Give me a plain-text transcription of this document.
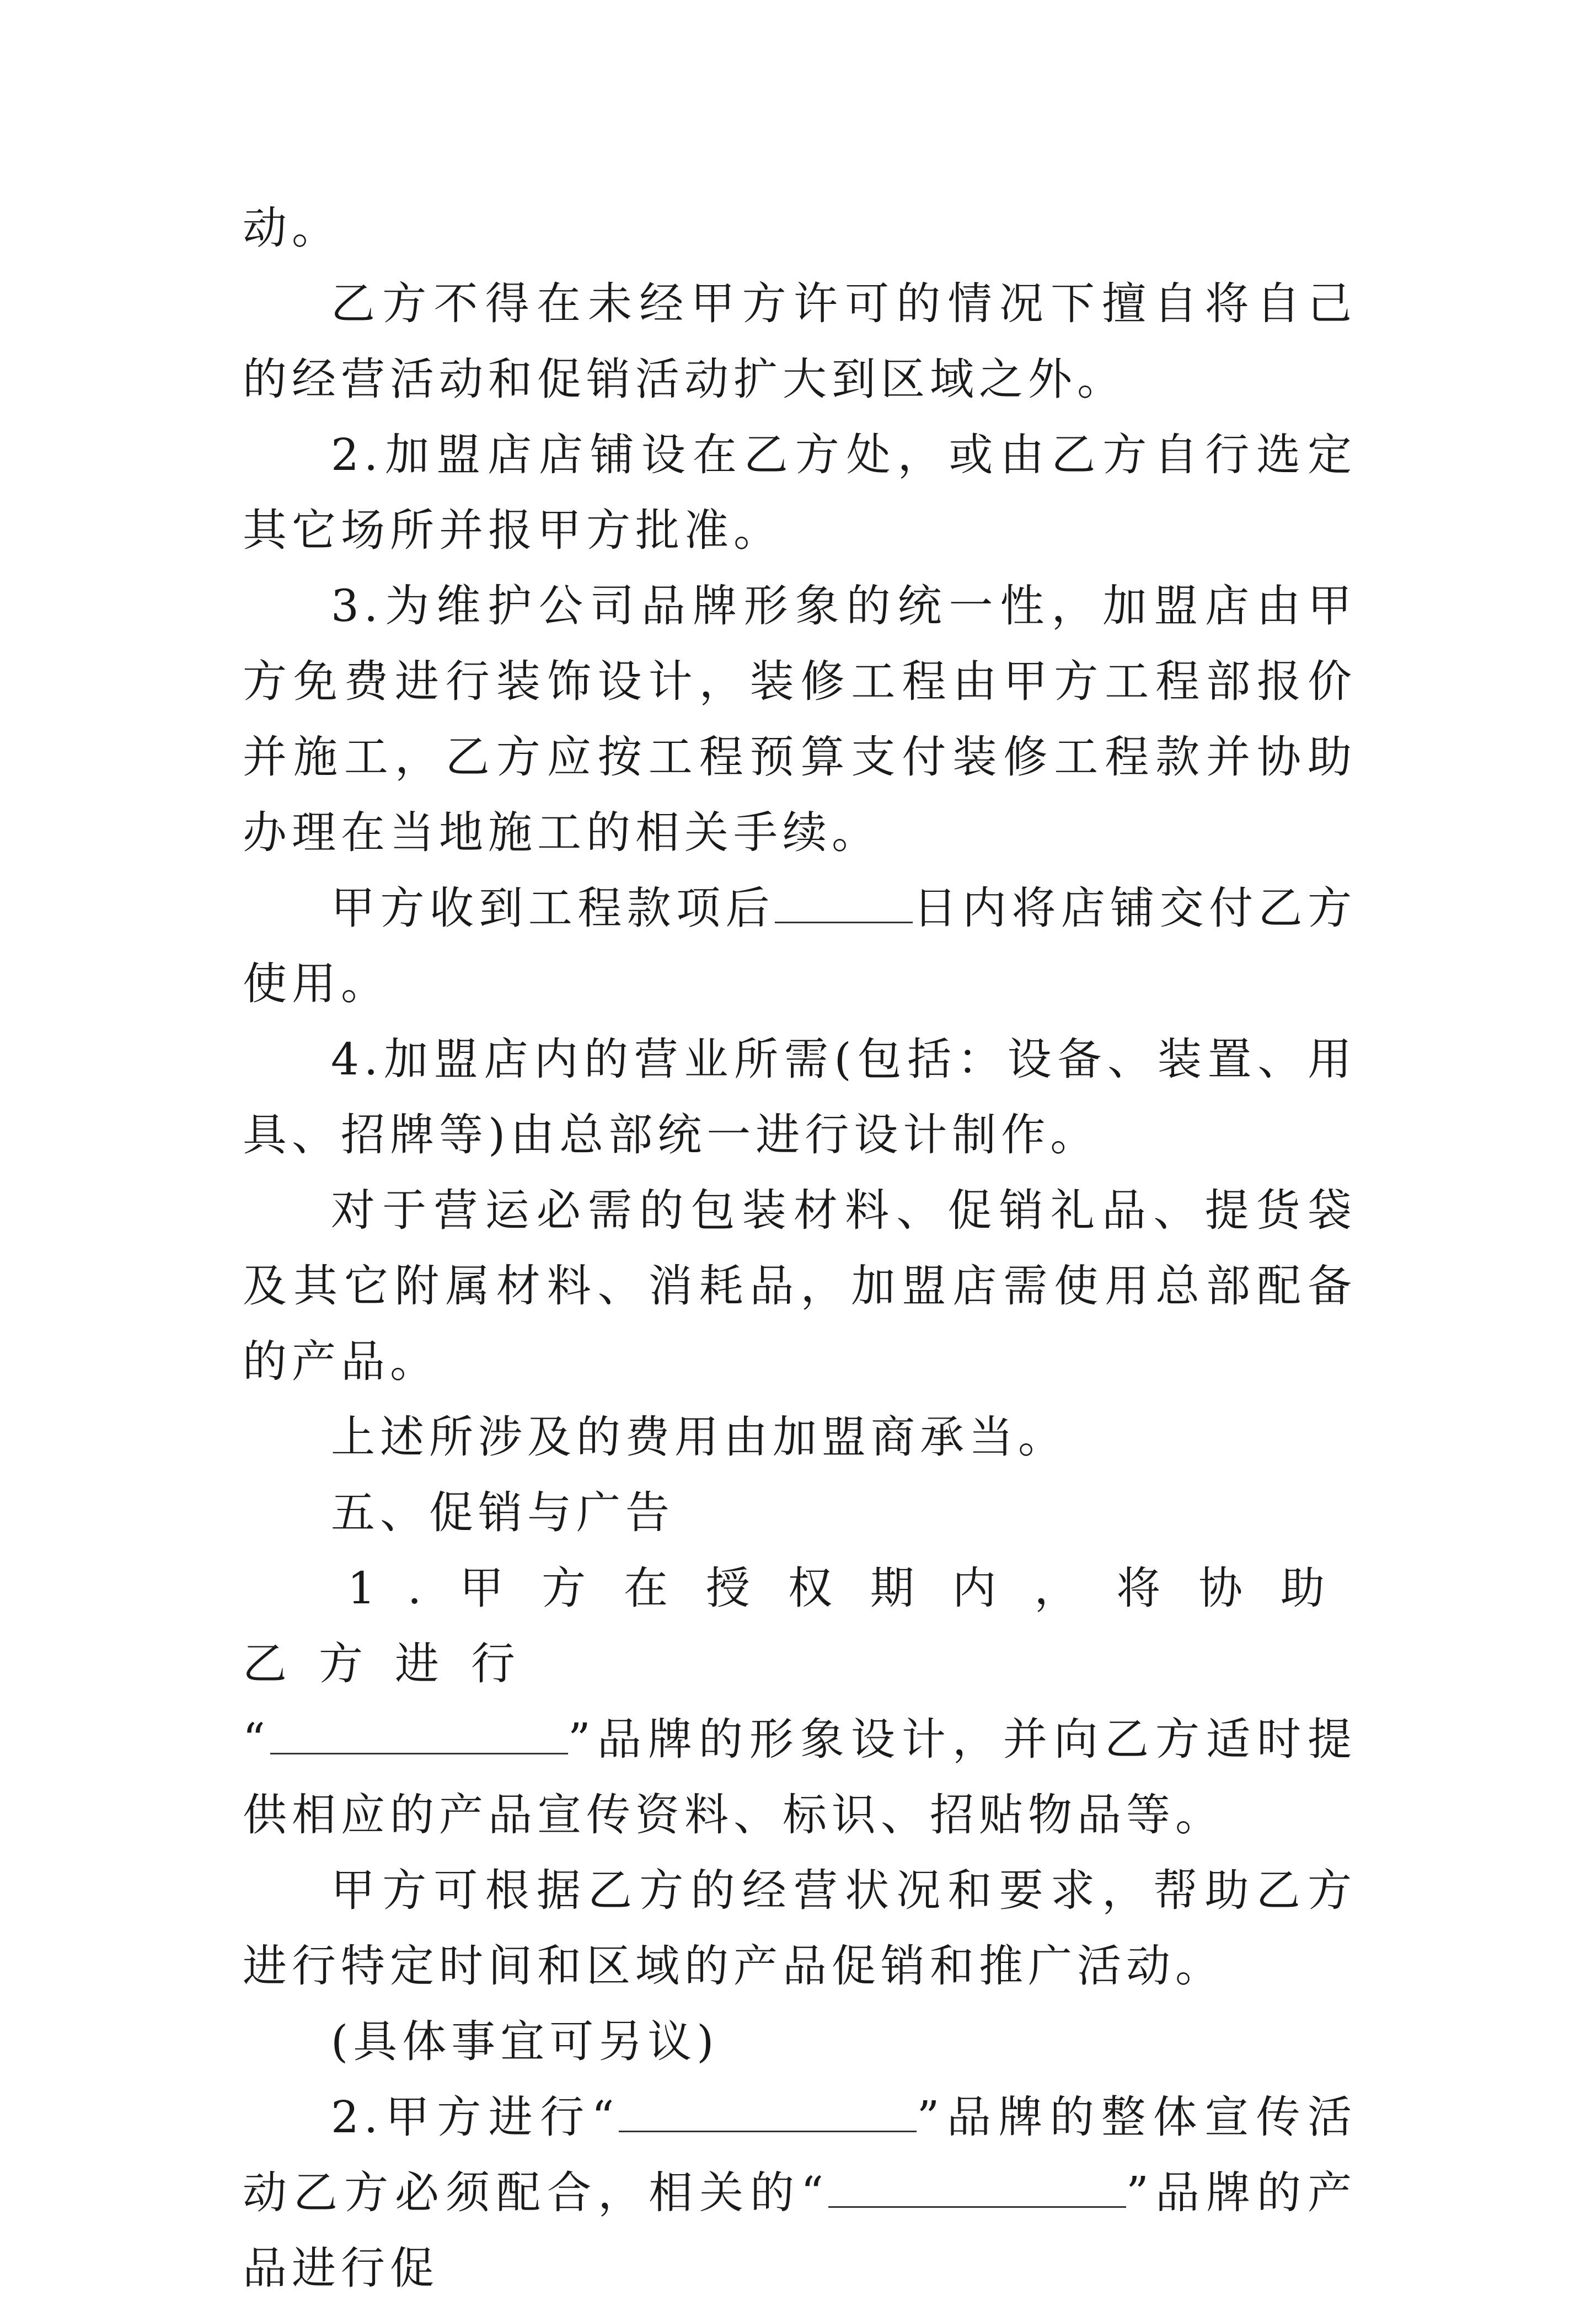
动。

乙方不得在未经甲方许可的情况下擅自将自己的经营活动和促销活动扩大到区域之外。

2.加盟店店铺设在乙方处，或由乙方自行选定其它场所并报甲方批准。

3.为维护公司品牌形象的统一性，加盟店由甲方免费进行装饰设计，装修工程由甲方工程部报价并施工，乙方应按工程预算支付装修工程款并协助办理在当地施工的相关手续。

甲方收到工程款项后	日内将店铺交付乙方使用。

4.加盟店内的营业所需(包括：设备、装置、用具、招牌等)由总部统一进行设计制作。

对于营运必需的包装材料、促销礼品、提货袋及其它附属材料、消耗品，加盟店需使用总部配备的产品。

上述所涉及的费用由加盟商承当。

五、促销与广告

1.甲方在授权期内，将协助乙方进行
“	”品牌的形象设计，并向乙方适时提供相应的产品宣传资料、标识、招贴物品等。

甲方可根据乙方的经营状况和要求，帮助乙方进行特定时间和区域的产品促销和推广活动。

(具体事宜可另议)

2.甲方进行“	”品牌的整体宣传活动乙方必须配合，相关的“	”品牌的产品进行促
